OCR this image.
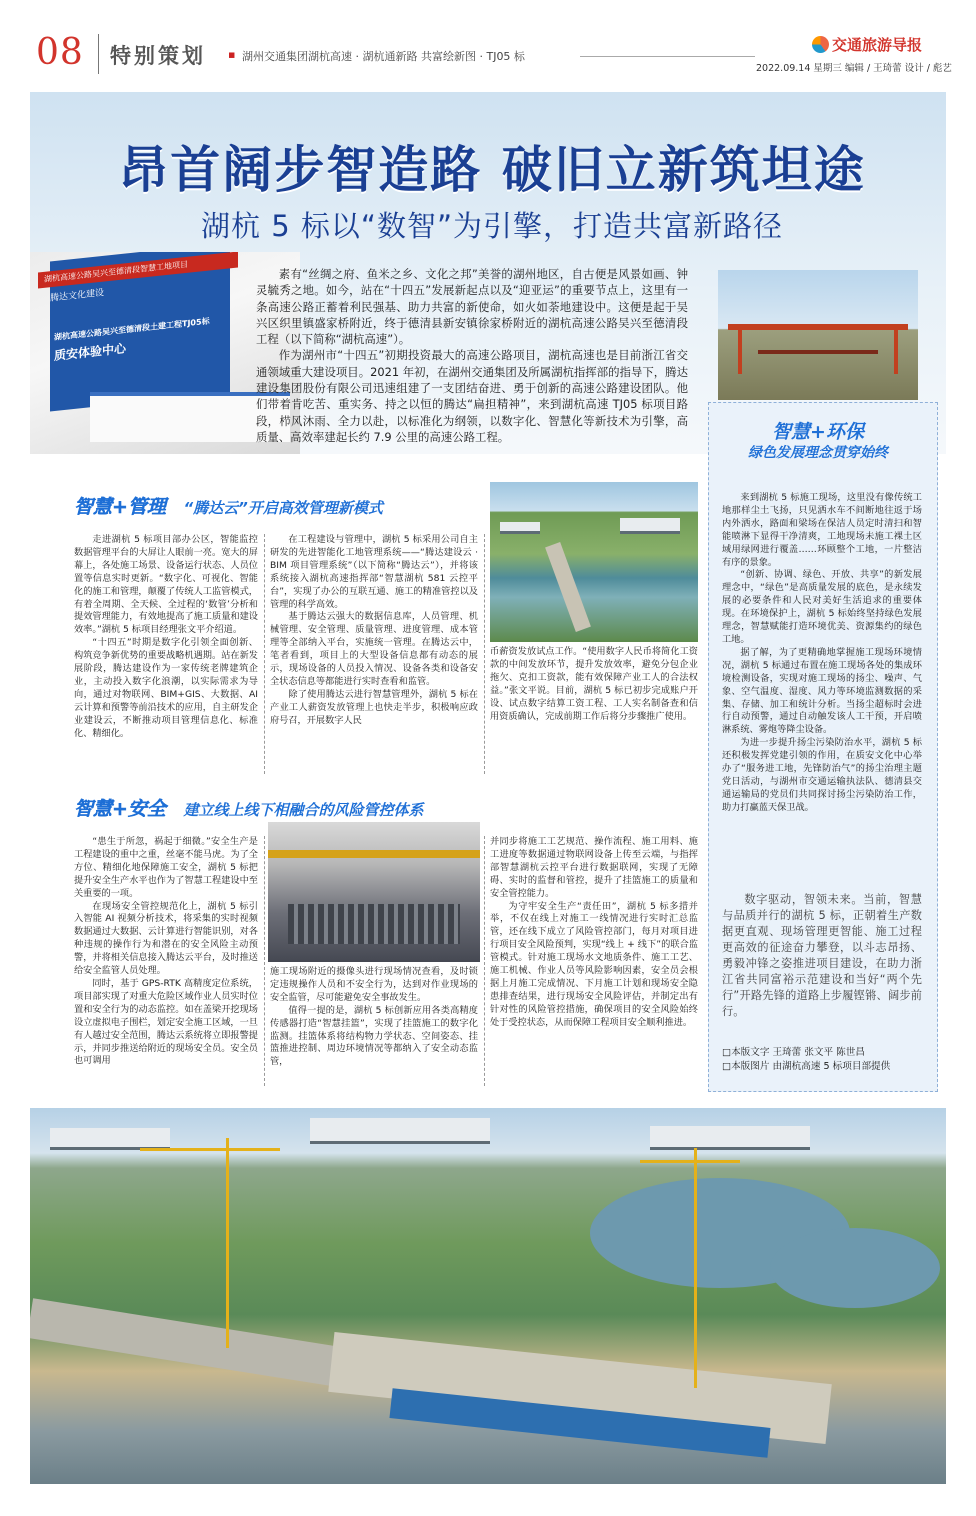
08 特别策划 ▪ 湖州交通集团湖杭高速 · 湖杭通新路 共富绘新图 · TJ05 标
交通旅游导报
2022.09.14 星期三 编辑 / 王琦蕾 设计 / 彪艺
昂首阔步智造路 破旧立新筑坦途
湖杭 5 标以“数智”为引擎，打造共富新路径
湖杭高速公路吴兴至德清段智慧工地项目
腾达文化建设
湖杭高速公路吴兴至德清段土建工程TJ05标
质安体验中心

素有“丝绸之府、鱼米之乡、文化之邦”美誉的湖州地区，自古便是风景如画、钟灵毓秀之地。如今，站在“十四五”发展新起点以及“迎亚运”的重要节点上，这里有一条高速公路正蓄着利民强基、助力共富的新使命，如火如荼地建设中。这便是起于吴兴区织里镇盛家桥附近，终于德清县新安镇徐家桥附近的湖杭高速公路吴兴至德清段工程（以下简称“湖杭高速”）。

作为湖州市“十四五”初期投资最大的高速公路项目，湖杭高速也是目前浙江省交通领域重大建设项目。2021 年初，在湖州交通集团及所属湖杭指挥部的指导下，腾达建设集团股份有限公司迅速组建了一支团结奋进、勇于创新的高速公路建设团队。他们带着肯吃苦、重实务、持之以恒的腾达“扁担精神”，来到湖杭高速 TJ05 标项目路段，栉风沐雨、全力以赴，以标准化为纲领，以数字化、智慧化等新技术为引擎，高质量、高效率建起长约 7.9 公里的高速公路工程。	智慧+环保
绿色发展理念贯穿始终

来到湖杭 5 标施工现场，这里没有像传统工地那样尘土飞扬，只见洒水车不间断地往返于场内外洒水，路面和梁场在保洁人员定时清扫和智能喷淋下显得干净清爽，工地现场未施工裸土区域用绿网进行覆盖……环顾整个工地，一片整洁有序的景象。

“创新、协调、绿色、开放、共享”的新发展理念中，“绿色”是高质量发展的底色，是永续发展的必要条件和人民对美好生活追求的重要体现。在环境保护上，湖杭 5 标始终坚持绿色发展理念，智慧赋能打造环境优美、资源集约的绿色工地。

据了解，为了更精确地掌握施工现场环境情况，湖杭 5 标通过布置在施工现场各处的集成环境检测设备，实现对施工现场的扬尘、噪声、气象、空气温度、湿度、风力等环境监测数据的采集、存储、加工和统计分析。当扬尘超标时会进行自动预警，通过自动触发该人工干预，开启喷淋系统、雾炮等降尘设备。

为进一步提升扬尘污染防治水平，湖杭 5 标还积极发挥党建引领的作用，在质安文化中心举办了“服务进工地，先锋防治气”的扬尘治理主题党日活动，与湖州市交通运输执法队、德清县交通运输局的党员们共同探讨扬尘污染防治工作，助力打赢蓝天保卫战。

数字驱动，智领未来。当前，智慧与品质并行的湖杭 5 标，正朝着生产数据更直观、现场管理更智能、施工过程更高效的征途奋力攀登，以斗志昂扬、勇毅冲锋之姿推进项目建设，在助力浙江省共同富裕示范建设和当好“两个先行”开路先锋的道路上步履铿锵、阔步前行。

□本版文字 王琦蕾 张文平 陈世昌
□本版图片 由湖杭高速 5 标项目部提供
智慧+管理 “腾达云”开启高效管理新模式

走进湖杭 5 标项目部办公区，智能监控数据管理平台的大屏让人眼前一亮。宽大的屏幕上，各处施工场景、设备运行状态、人员位置等信息实时更新。“数字化、可视化、智能化的施工和管理，颠覆了传统人工监管模式，有着全周期、全天候、全过程的‘数管’分析和提效管理能力，有效地提高了施工质量和建设效率。”湖杭 5 标项目经理张文平介绍道。

“十四五”时期是数字化引领全面创新、构筑竞争新优势的重要战略机遇期。站在新发展阶段，腾达建设作为一家传统老牌建筑企业，主动投入数字化浪潮，以实际需求为导向，通过对物联网、BIM+GIS、大数据、AI 云计算和预警等前沿技术的应用，自主研发企业建设云，不断推动项目管理信息化、标准化、精细化。

在工程建设与管理中，湖杭 5 标采用公司自主研发的先进智能化工地管理系统——“腾达建设云 · BIM 项目管理系统”（以下简称“腾达云”），并将该系统接入湖杭高速指挥部“智慧湖杭 581 云控平台”，实现了办公的互联互通、施工的精准管控以及管理的科学高效。

基于腾达云强大的数据信息库，人员管理、机械管理、安全管理、质量管理、进度管理、成本管理等全部纳入平台，实施统一管理。在腾达云中，笔者看到，项目上的大型设备信息都有动态的展示，现场设备的人员投入情况、设备各类和设备安全状态信息等都能进行实时查看和监管。

除了使用腾达云进行智慧管理外，湖杭 5 标在产业工人薪资发放管理上也快走半步，积极响应政府号召，开展数字人民

币薪资发放试点工作。“使用数字人民币将简化工资款的中间发放环节，提升发放效率，避免分包企业拖欠、克扣工资款，能有效保障产业工人的合法权益。”张文平说。目前，湖杭 5 标已初步完成账户开设、试点数字结算工资工程、工人实名制备查和信用资质确认，完成前期工作后将分步骤推广使用。

智慧+安全 建立线上线下相融合的风险管控体系

“患生于所忽，祸起于细微。”安全生产是工程建设的重中之重，丝毫不能马虎。为了全方位、精细化地保障施工安全，湖杭 5 标把提升安全生产水平也作为了智慧工程建设中至关重要的一项。

在现场安全管控规范化上，湖杭 5 标引入智能 AI 视频分析技术，将采集的实时视频数据通过大数据、云计算进行智能识别，对各种违规的操作行为和潜在的安全风险主动预警，并将相关信息接入腾达云平台，及时推送给安全监管人员处理。

同时，基于 GPS-RTK 高精度定位系统，项目部实现了对重大危险区域作业人员实时位置和安全行为的动态监控。如在盖梁开挖现场设立虚拟电子围栏，划定安全施工区域，一旦有人越过安全范围，腾达云系统将立即报警提示，并同步推送给附近的现场安全员。安全员也可调用

施工现场附近的摄像头进行现场情况查看，及时锁定违规操作人员和不安全行为，达到对作业现场的安全监管，尽可能避免安全事故发生。

值得一提的是，湖杭 5 标创新应用各类高精度传感器打造“智慧挂篮”，实现了挂篮施工的数字化监测。挂篮体系将结构物力学状态、空间姿态、挂篮推进控制、周边环境情况等都纳入了安全动态监管，

并同步将施工工艺规范、操作流程、施工用料、施工进度等数据通过物联网设备上传至云端，与指挥部智慧湖杭云控平台进行数据联网，实现了无障碍、实时的监督和管控，提升了挂篮施工的质量和安全管控能力。

为守牢安全生产“责任田”，湖杭 5 标多措并举，不仅在线上对施工一线情况进行实时汇总监管，还在线下成立了风险管控部门，每月对项目进行项目安全风险预判，实现“线上 + 线下”的联合监管模式。针对施工现场水文地质条件、施工工艺、施工机械、作业人员等风险影响因素，安全员会根据上月施工完成情况、下月施工计划和现场安全隐患排查结果，进行现场安全风险评估，并制定出有针对性的风险管控措施，确保项目的安全风险始终处于受控状态，从而保障工程项目安全顺利推进。
